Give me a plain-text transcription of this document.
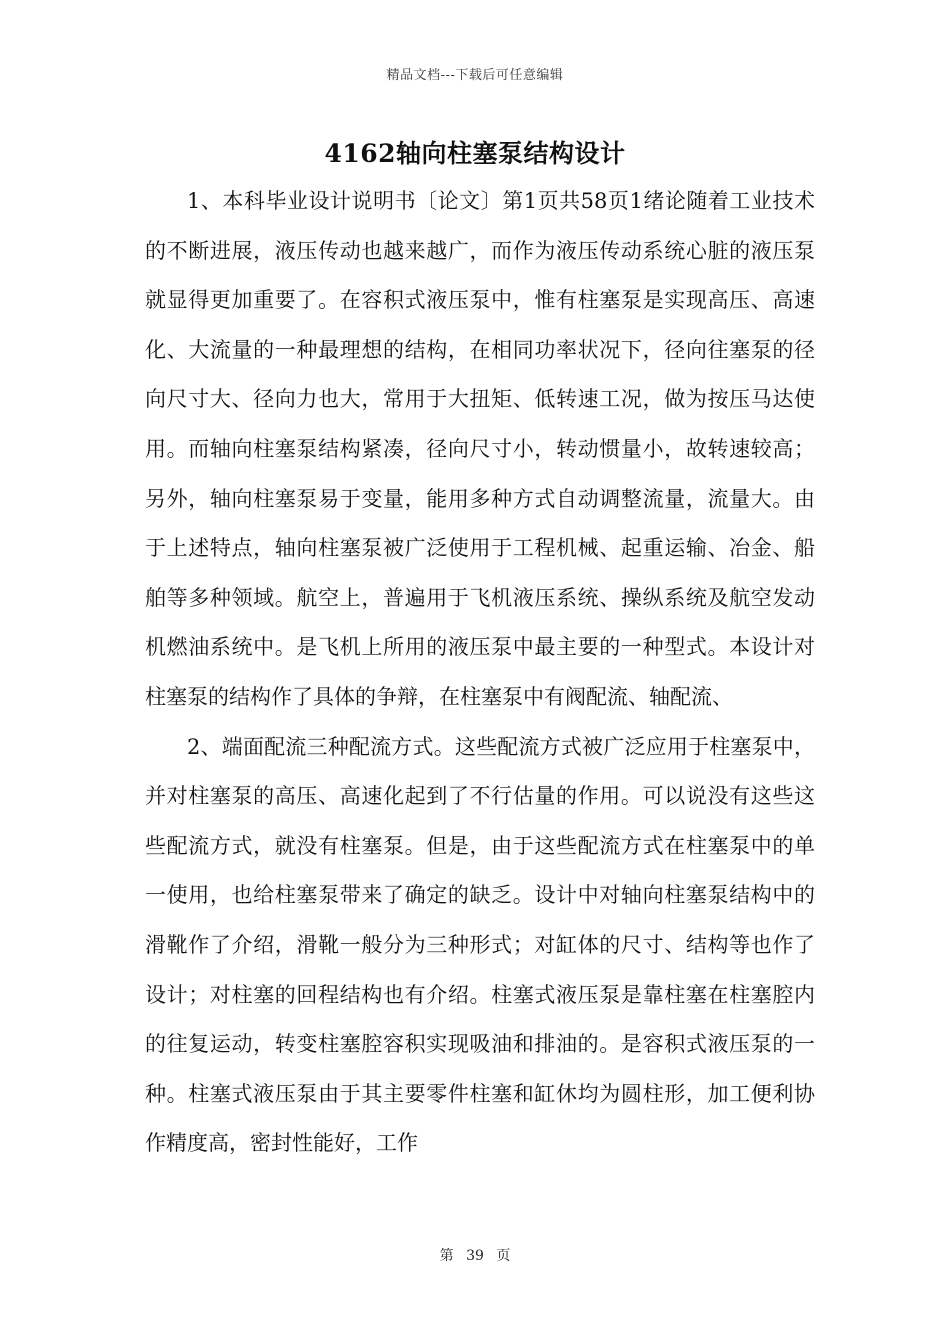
精品文档---下载后可任意编辑
4162轴向柱塞泵结构设计

1、本科毕业设计说明书〔论文〕第1页共58页1绪论随着工业技术的不断进展，液压传动也越来越广，而作为液压传动系统心脏的液压泵就显得更加重要了。在容积式液压泵中，惟有柱塞泵是实现高压、高速化、大流量的一种最理想的结构，在相同功率状况下，径向往塞泵的径向尺寸大、径向力也大，常用于大扭矩、低转速工况，做为按压马达使用。而轴向柱塞泵结构紧凑，径向尺寸小，转动惯量小，故转速较高；另外，轴向柱塞泵易于变量，能用多种方式自动调整流量，流量大。由于上述特点，轴向柱塞泵被广泛使用于工程机械、起重运输、冶金、船舶等多种领域。航空上，普遍用于飞机液压系统、操纵系统及航空发动机燃油系统中。是飞机上所用的液压泵中最主要的一种型式。本设计对柱塞泵的结构作了具体的争辩，在柱塞泵中有阀配流、轴配流、

2、端面配流三种配流方式。这些配流方式被广泛应用于柱塞泵中，并对柱塞泵的高压、高速化起到了不行估量的作用。可以说没有这些这些配流方式，就没有柱塞泵。但是，由于这些配流方式在柱塞泵中的单一使用，也给柱塞泵带来了确定的缺乏。设计中对轴向柱塞泵结构中的滑靴作了介绍，滑靴一般分为三种形式；对缸体的尺寸、结构等也作了设计；对柱塞的回程结构也有介绍。柱塞式液压泵是靠柱塞在柱塞腔内的往复运动，转变柱塞腔容积实现吸油和排油的。是容积式液压泵的一种。柱塞式液压泵由于其主要零件柱塞和缸休均为圆柱形，加工便利协作精度高，密封性能好，工作

第 39 页
